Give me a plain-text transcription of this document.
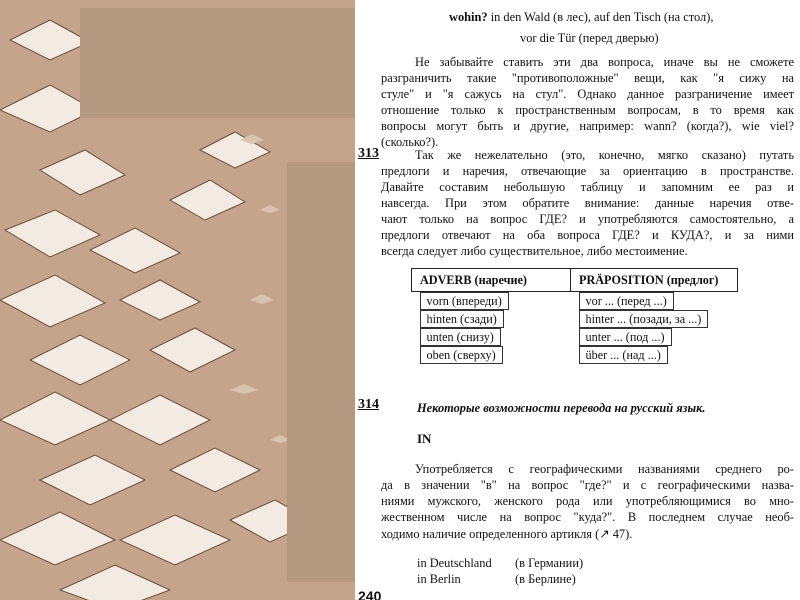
wohin? in den Wald (в лес), auf den Tisch (на стол),
vor die Tür (перед дверью)
Не забывайте ставить эти два вопроса, иначе вы не сможете
разграничить такие "противоположные" вещи, как "я сижу на
стуле" и "я сажусь на стул". Однако данное разграничение имеет
отношение только к пространственным вопросам, в то время как
вопросы могут быть и другие, например: wann? (когда?), wie viel?
(сколько?).
313	Так же нежелательно (это, конечно, мягко сказано) путать
предлоги и наречия, отвечающие за ориентацию в пространстве.
Давайте составим небольшую таблицу и запомним ее раз и
навсегда. При этом обратите внимание: данные наречия отве-
чают только на вопрос ГДЕ? и употребляются самостоятельно, а
предлоги отвечают на оба вопроса ГДЕ? и КУДА?, и за ними
всегда следует либо существительное, либо местоимение.
ADVERB (наречие)	PRÄPOSITION (предлог)
vorn (впереди)	vor ... (перед ...)
hinten (сзади)	hinter ... (позади, за ...)
unten (снизу)	unter ... (под ...)
oben (сверху)	über ... (над ...)
314	Некоторые возможности перевода на русский язык.
IN
Употребляется с географическими названиями среднего ро-
да в значении "в" на вопрос "где?" и с географическими назва-
ниями мужского, женского рода или употребляющимися во мно-
жественном числе на вопрос "куда?". В последнем случае необ-
ходимо наличие определенного артикля (↗ 47).
in Deutschland (в Германии)
in Berlin	(в Берлине)
240
